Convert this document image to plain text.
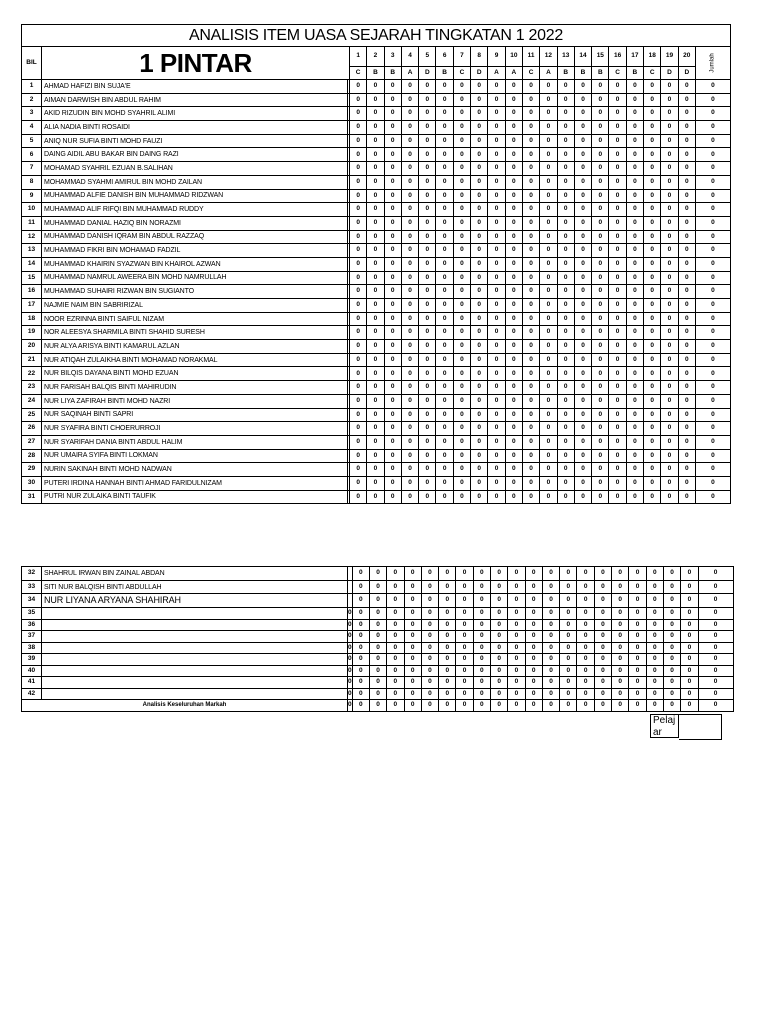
ANALISIS ITEM UASA SEJARAH TINGKATAN 1 2022																							
BIL	1 PINTAR		1	2	3	4	5	6	7	8	9	10	11	12	13	14	15	16	17	18	19	20	Jumlah
			C	B	B	A	D	B	C	D	A	A	C	A	B	B	B	C	B	C	D	D	
1	AHMAD HAFIZI BIN SUJA'E		0	0	0	0	0	0	0	0	0	0	0	0	0	0	0	0	0	0	0	0	0
2	AIMAN DARWISH BIN ABDUL RAHIM		0	0	0	0	0	0	0	0	0	0	0	0	0	0	0	0	0	0	0	0	0
3	AKID RIZUDIN BIN MOHD SYAHRIL ALIMI		0	0	0	0	0	0	0	0	0	0	0	0	0	0	0	0	0	0	0	0	0
4	ALIA NADIA BINTI ROSAIDI		0	0	0	0	0	0	0	0	0	0	0	0	0	0	0	0	0	0	0	0	0
5	ANIQ NUR SUFIA BINTI MOHD FAUZI		0	0	0	0	0	0	0	0	0	0	0	0	0	0	0	0	0	0	0	0	0
6	DAING AIDIL ABU BAKAR BIN DAING RAZI		0	0	0	0	0	0	0	0	0	0	0	0	0	0	0	0	0	0	0	0	0
7	MOHAMAD SYAHRIL EZUAN B.SALIHAN		0	0	0	0	0	0	0	0	0	0	0	0	0	0	0	0	0	0	0	0	0
8	MOHAMMAD SYAHMI AMIRUL BIN MOHD ZAILAN		0	0	0	0	0	0	0	0	0	0	0	0	0	0	0	0	0	0	0	0	0
9	MUHAMMAD ALFIE DANISH BIN MUHAMMAD RIDZWAN		0	0	0	0	0	0	0	0	0	0	0	0	0	0	0	0	0	0	0	0	0
10	MUHAMMAD ALIF RIFQI BIN MUHAMMAD RUDDY		0	0	0	0	0	0	0	0	0	0	0	0	0	0	0	0	0	0	0	0	0
11	MUHAMMAD DANIAL HAZIQ BIN NORAZMI		0	0	0	0	0	0	0	0	0	0	0	0	0	0	0	0	0	0	0	0	0
12	MUHAMMAD DANISH IQRAM BIN ABDUL RAZZAQ		0	0	0	0	0	0	0	0	0	0	0	0	0	0	0	0	0	0	0	0	0
13	MUHAMMAD FIKRI BIN MOHAMAD FADZIL		0	0	0	0	0	0	0	0	0	0	0	0	0	0	0	0	0	0	0	0	0
14	MUHAMMAD KHAIRIN SYAZWAN BIN KHAIROL AZWAN		0	0	0	0	0	0	0	0	0	0	0	0	0	0	0	0	0	0	0	0	0
15	MUHAMMAD NAMRUL AWEERA BIN MOHD NAMRULLAH		0	0	0	0	0	0	0	0	0	0	0	0	0	0	0	0	0	0	0	0	0
16	MUHAMMAD SUHAIRI RIZWAN BIN SUGIANTO		0	0	0	0	0	0	0	0	0	0	0	0	0	0	0	0	0	0	0	0	0
17	NAJMIE NAIM BIN SABRIRIZAL		0	0	0	0	0	0	0	0	0	0	0	0	0	0	0	0	0	0	0	0	0
18	NOOR EZRINNA BINTI SAIFUL NIZAM		0	0	0	0	0	0	0	0	0	0	0	0	0	0	0	0	0	0	0	0	0
19	NOR ALEESYA SHARMILA BINTI SHAHID SURESH		0	0	0	0	0	0	0	0	0	0	0	0	0	0	0	0	0	0	0	0	0
20	NUR ALYA ARISYA BINTI KAMARUL AZLAN		0	0	0	0	0	0	0	0	0	0	0	0	0	0	0	0	0	0	0	0	0
21	NUR ATIQAH ZULAIKHA BINTI MOHAMAD NORAKMAL		0	0	0	0	0	0	0	0	0	0	0	0	0	0	0	0	0	0	0	0	0
22	NUR BILQIS DAYANA BINTI MOHD EZUAN		0	0	0	0	0	0	0	0	0	0	0	0	0	0	0	0	0	0	0	0	0
23	NUR FARISAH BALQIS BINTI MAHIRUDIN		0	0	0	0	0	0	0	0	0	0	0	0	0	0	0	0	0	0	0	0	0
24	NUR LIYA ZAFIRAH BINTI MOHD NAZRI		0	0	0	0	0	0	0	0	0	0	0	0	0	0	0	0	0	0	0	0	0
25	NUR SAQINAH BINTI SAPRI		0	0	0	0	0	0	0	0	0	0	0	0	0	0	0	0	0	0	0	0	0
26	NUR SYAFIRA BINTI CHOERURROJI		0	0	0	0	0	0	0	0	0	0	0	0	0	0	0	0	0	0	0	0	0
27	NUR SYARIFAH DANIA BINTI ABDUL HALIM		0	0	0	0	0	0	0	0	0	0	0	0	0	0	0	0	0	0	0	0	0
28	NUR UMAIRA SYIFA BINTI LOKMAN		0	0	0	0	0	0	0	0	0	0	0	0	0	0	0	0	0	0	0	0	0
29	NURIN SAKINAH BINTI MOHD NADWAN		0	0	0	0	0	0	0	0	0	0	0	0	0	0	0	0	0	0	0	0	0
30	PUTERI IRDINA HANNAH BINTI AHMAD FARIDULNIZAM		0	0	0	0	0	0	0	0	0	0	0	0	0	0	0	0	0	0	0	0	0
31	PUTRI NUR ZULAIKA BINTI TAUFIK		0	0	0	0	0	0	0	0	0	0	0	0	0	0	0	0	0	0	0	0	0
32	SHAHRUL IRWAN BIN ZAINAL ABDAN		0	0	0	0	0	0	0	0	0	0	0	0	0	0	0	0	0	0	0	0	0
33	SITI NUR BALQISH BINTI ABDULLAH		0	0	0	0	0	0	0	0	0	0	0	0	0	0	0	0	0	0	0	0	0
34	NUR LIYANA ARYANA SHAHIRAH		0	0	0	0	0	0	0	0	0	0	0	0	0	0	0	0	0	0	0	0	0
35		0	0	0	0	0	0	0	0	0	0	0	0	0	0	0	0	0	0	0	0	0	0
36		0	0	0	0	0	0	0	0	0	0	0	0	0	0	0	0	0	0	0	0	0	0
37		0	0	0	0	0	0	0	0	0	0	0	0	0	0	0	0	0	0	0	0	0	0
38		0	0	0	0	0	0	0	0	0	0	0	0	0	0	0	0	0	0	0	0	0	0
39		0	0	0	0	0	0	0	0	0	0	0	0	0	0	0	0	0	0	0	0	0	0
40		0	0	0	0	0	0	0	0	0	0	0	0	0	0	0	0	0	0	0	0	0	0
41		0	0	0	0	0	0	0	0	0	0	0	0	0	0	0	0	0	0	0	0	0	0
42		0	0	0	0	0	0	0	0	0	0	0	0	0	0	0	0	0	0	0	0	0	0
Analisis Keseluruhan Markah		0	0	0	0	0	0	0	0	0	0	0	0	0	0	0	0	0	0	0	0	0	0
Pelajar
